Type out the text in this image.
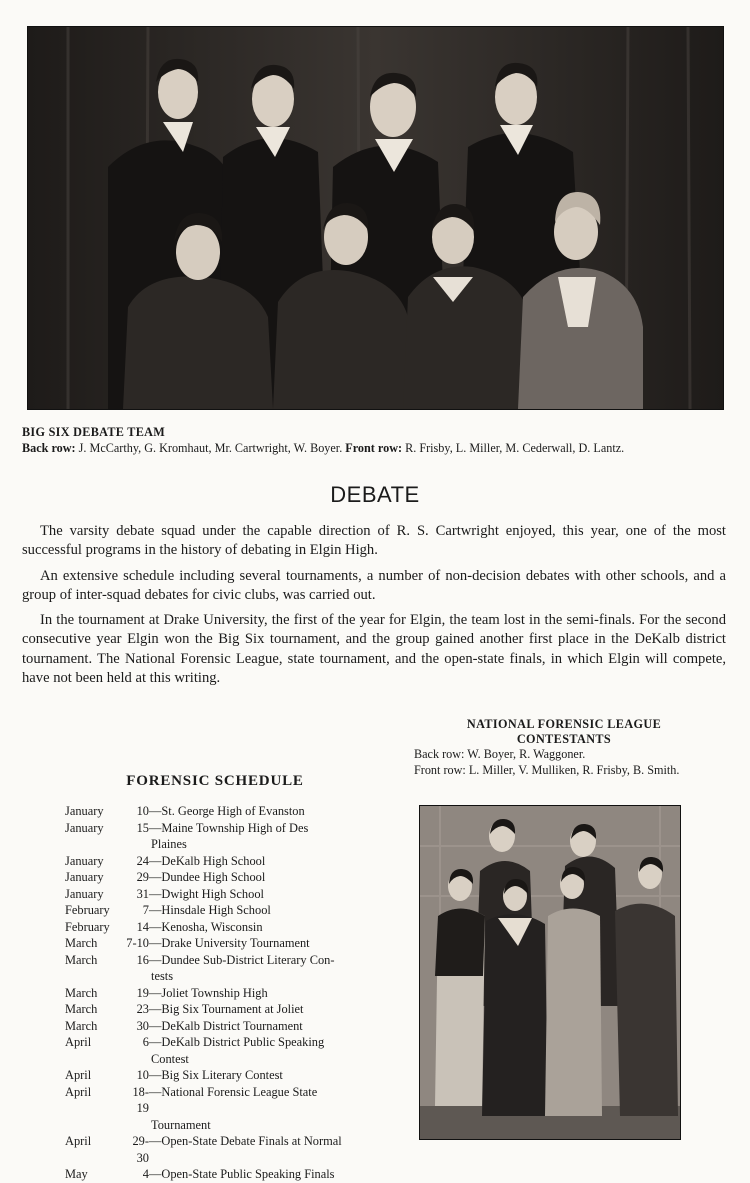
BIG SIX DEBATE TEAM
Back row: J. McCarthy, G. Kromhaut, Mr. Cartwright, W. Boyer. Front row: R. Frisby, L. Miller, M. Cederwall, D. Lantz.
DEBATE

The varsity debate squad under the capable direction of R. S. Cartwright enjoyed, this year, one of the most successful programs in the history of debating in Elgin High.

An extensive schedule including several tournaments, a number of non-decision debates with other schools, and a group of inter-squad debates for civic clubs, was carried out.

In the tournament at Drake University, the first of the year for Elgin, the team lost in the semi-finals. For the second consecutive year Elgin won the Big Six tournament, and the group gained another first place in the DeKalb district tournament. The National Forensic League, state tournament, and the open-state finals, in which Elgin will compete, have not been held at this writing.

NATIONAL FORENSIC LEAGUE
CONTESTANTS
Back row: W. Boyer, R. Waggoner.
Front row: L. Miller, V. Mulliken, R. Frisby, B. Smith.
FORENSIC SCHEDULE
January	10 — St. George High of Evanston
January	15 — Maine Township High of Des
Plaines
January	24 — DeKalb High School
January	29 — Dundee High School
January	31 — Dwight High School
February	7 — Hinsdale High School
February	14 — Kenosha, Wisconsin
March	7-10 — Drake University Tournament
March	16 — Dundee Sub-District Literary Con-
tests
March	19 — Joliet Township High
March	23 — Big Six Tournament at Joliet
March	30 — DeKalb District Tournament
April	6 — DeKalb District Public Speaking
Contest
April	10 — Big Six Literary Contest
April	18-19
— National Forensic League State
Tournament
April	29-30
— Open-State Debate Finals at Normal
May	4 — Open-State Public Speaking Finals
